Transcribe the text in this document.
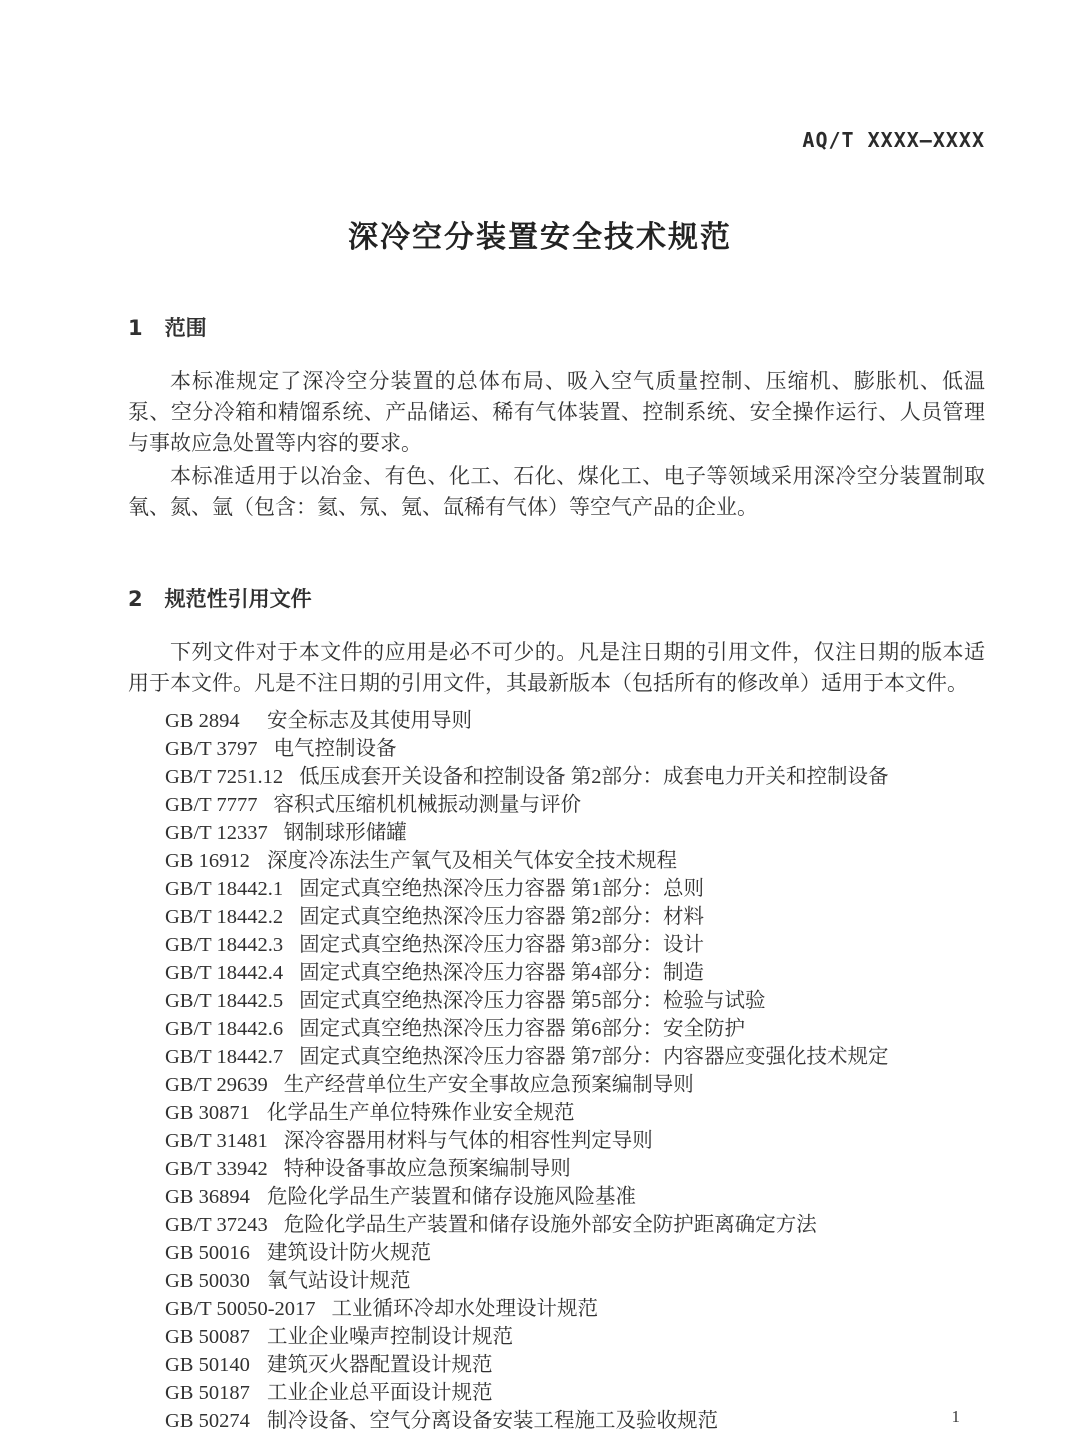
AQ/T XXXX—XXXX
深冷空分装置安全技术规范
1 范围

本标准规定了深冷空分装置的总体布局、吸入空气质量控制、压缩机、膨胀机、低温泵、空分冷箱和精馏系统、产品储运、稀有气体装置、控制系统、安全操作运行、人员管理与事故应急处置等内容的要求。

本标准适用于以冶金、有色、化工、石化、煤化工、电子等领域采用深冷空分装置制取氧、氮、氩（包含：氦、氖、氪、氙稀有气体）等空气产品的企业。

2 规范性引用文件

下列文件对于本文件的应用是必不可少的。凡是注日期的引用文件，仅注日期的版本适用于本文件。凡是不注日期的引用文件，其最新版本（包括所有的修改单）适用于本文件。

GB 2894 安全标志及其使用导则
GB/T 3797 电气控制设备
GB/T 7251.12 低压成套开关设备和控制设备 第2部分：成套电力开关和控制设备
GB/T 7777 容积式压缩机机械振动测量与评价
GB/T 12337 钢制球形储罐
GB 16912 深度冷冻法生产氧气及相关气体安全技术规程
GB/T 18442.1 固定式真空绝热深冷压力容器 第1部分：总则
GB/T 18442.2 固定式真空绝热深冷压力容器 第2部分：材料
GB/T 18442.3 固定式真空绝热深冷压力容器 第3部分：设计
GB/T 18442.4 固定式真空绝热深冷压力容器 第4部分：制造
GB/T 18442.5 固定式真空绝热深冷压力容器 第5部分：检验与试验
GB/T 18442.6 固定式真空绝热深冷压力容器 第6部分：安全防护
GB/T 18442.7 固定式真空绝热深冷压力容器 第7部分：内容器应变强化技术规定
GB/T 29639 生产经营单位生产安全事故应急预案编制导则
GB 30871 化学品生产单位特殊作业安全规范
GB/T 31481 深冷容器用材料与气体的相容性判定导则
GB/T 33942 特种设备事故应急预案编制导则
GB 36894 危险化学品生产装置和储存设施风险基准
GB/T 37243 危险化学品生产装置和储存设施外部安全防护距离确定方法
GB 50016 建筑设计防火规范
GB 50030 氧气站设计规范
GB/T 50050-2017 工业循环冷却水处理设计规范
GB 50087 工业企业噪声控制设计规范
GB 50140 建筑灭火器配置设计规范
GB 50187 工业企业总平面设计规范
GB 50274 制冷设备、空气分离设备安装工程施工及验收规范	1
